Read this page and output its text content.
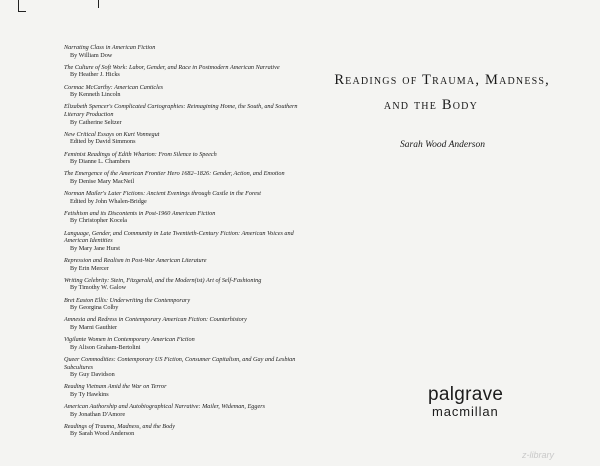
Narrating Class in American Fiction
By William Dow
The Culture of Soft Work: Labor, Gender, and Race in Postmodern American Narrative
By Heather J. Hicks
Cormac McCarthy: American Canticles
By Kenneth Lincoln
Elizabeth Spencer's Complicated Cartographies: Reimagining Home, the South, and Southern Literary Production
By Catherine Seltzer
New Critical Essays on Kurt Vonnegut
Edited by David Simmons
Feminist Readings of Edith Wharton: From Silence to Speech
By Dianne L. Chambers
The Emergence of the American Frontier Hero 1682–1826: Gender, Action, and Emotion
By Denise Mary MacNeil
Norman Mailer's Later Fictions: Ancient Evenings through Castle in the Forest
Edited by John Whalen-Bridge
Fetishism and its Discontents in Post-1960 American Fiction
By Christopher Kocela
Language, Gender, and Community in Late Twentieth-Century Fiction: American Voices and American Identities
By Mary Jane Hurst
Repression and Realism in Post-War American Literature
By Erin Mercer
Writing Celebrity: Stein, Fitzgerald, and the Modern(ist) Art of Self-Fashioning
By Timothy W. Galow
Bret Easton Ellis: Underwriting the Contemporary
By Georgina Colby
Amnesia and Redress in Contemporary American Fiction: Counterhistory
By Marni Gauthier
Vigilante Women in Contemporary American Fiction
By Alison Graham-Bertolini
Queer Commodities: Contemporary US Fiction, Consumer Capitalism, and Gay and Lesbian Subcultures
By Guy Davidson
Reading Vietnam Amid the War on Terror
By Ty Hawkins
American Authorship and Autobiographical Narrative: Mailer, Wideman, Eggers
By Jonathan D'Amore
Readings of Trauma, Madness, and the Body
By Sarah Wood Anderson
Readings of Trauma, Madness,
and the Body
Sarah Wood Anderson
palgrave
macmillan
z-library
